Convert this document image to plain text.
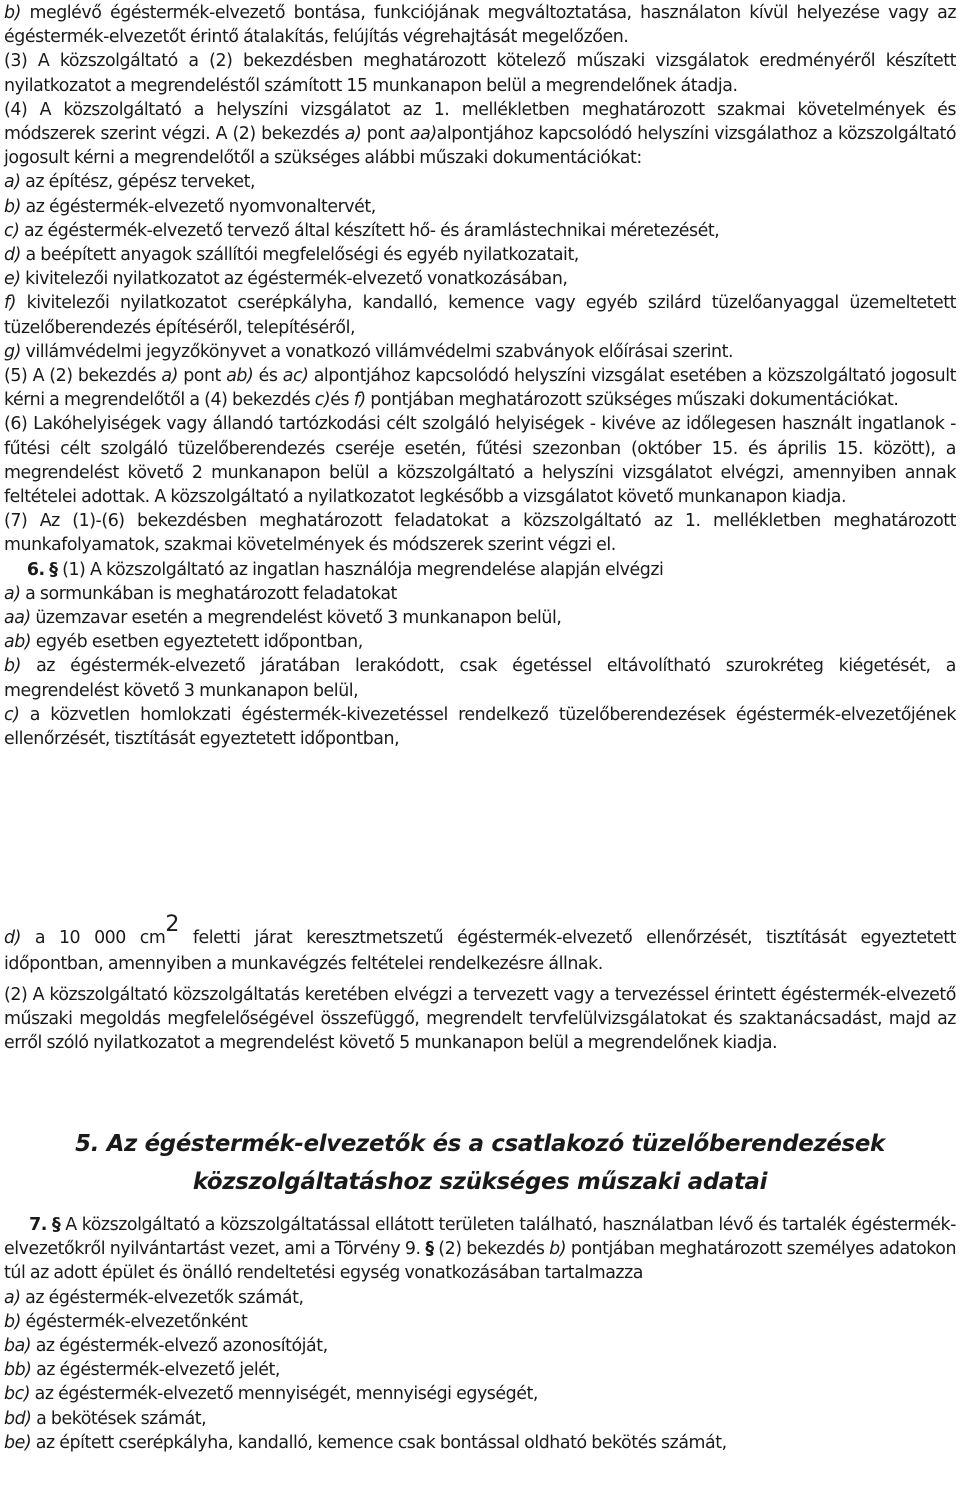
b) meglévő égéstermék-elvezető bontása, funkciójának megváltoztatása, használaton kívül helyezése vagy az égéstermék-elvezetőt érintő átalakítás, felújítás végrehajtását megelőzően.

(3) A közszolgáltató a (2) bekezdésben meghatározott kötelező műszaki vizsgálatok eredményéről készített nyilatkozatot a megrendeléstől számított 15 munkanapon belül a megrendelőnek átadja.

(4) A közszolgáltató a helyszíni vizsgálatot az 1. mellékletben meghatározott szakmai követelmények és módszerek szerint végzi. A (2) bekezdés a) pont aa)alpontjához kapcsolódó helyszíni vizsgálathoz a közszolgáltató jogosult kérni a megrendelőtől a szükséges alábbi műszaki dokumentációkat:

a) az építész, gépész terveket,

b) az égéstermék-elvezető nyomvonaltervét,

c) az égéstermék-elvezető tervező által készített hő- és áramlástechnikai méretezését,

d) a beépített anyagok szállítói megfelelőségi és egyéb nyilatkozatait,

e) kivitelezői nyilatkozatot az égéstermék-elvezető vonatkozásában,

f) kivitelezői nyilatkozatot cserépkályha, kandalló, kemence vagy egyéb szilárd tüzelőanyaggal üzemeltetett tüzelőberendezés építéséről, telepítéséről,

g) villámvédelmi jegyzőkönyvet a vonatkozó villámvédelmi szabványok előírásai szerint.

(5) A (2) bekezdés a) pont ab) és ac) alpontjához kapcsolódó helyszíni vizsgálat esetében a közszolgáltató jogosult kérni a megrendelőtől a (4) bekezdés c)és f) pontjában meghatározott szükséges műszaki dokumentációkat.

(6) Lakóhelyiségek vagy állandó tartózkodási célt szolgáló helyiségek - kivéve az időlegesen használt ingatlanok - fűtési célt szolgáló tüzelőberendezés cseréje esetén, fűtési szezonban (október 15. és április 15. között), a megrendelést követő 2 munkanapon belül a közszolgáltató a helyszíni vizsgálatot elvégzi, amennyiben annak feltételei adottak. A közszolgáltató a nyilatkozatot legkésőbb a vizsgálatot követő munkanapon kiadja.

(7) Az (1)-(6) bekezdésben meghatározott feladatokat a közszolgáltató az 1. mellékletben meghatározott munkafolyamatok, szakmai követelmények és módszerek szerint végzi el.

6. § (1) A közszolgáltató az ingatlan használója megrendelése alapján elvégzi

a) a sormunkában is meghatározott feladatokat

aa) üzemzavar esetén a megrendelést követő 3 munkanapon belül,

ab) egyéb esetben egyeztetett időpontban,

b) az égéstermék-elvezető járatában lerakódott, csak égetéssel eltávolítható szurokréteg kiégetését, a megrendelést követő 3 munkanapon belül,

c) a közvetlen homlokzati égéstermék-kivezetéssel rendelkező tüzelőberendezések égéstermék-elvezetőjének ellenőrzését, tisztítását egyeztetett időpontban,

d) a 10 000 $cm^2$ feletti járat keresztmetszetű égéstermék-elvezető ellenőrzését, tisztítását egyeztetett időpontban, amennyiben a munkavégzés feltételei rendelkezésre állnak.

(2) A közszolgáltató közszolgáltatás keretében elvégzi a tervezett vagy a tervezéssel érintett égéstermék-elvezető műszaki megoldás megfelelőségével összefüggő, megrendelt tervfelülvizsgálatokat és szaktanácsadást, majd az erről szóló nyilatkozatot a megrendelést követő 5 munkanapon belül a megrendelőnek kiadja.

5. Az égéstermék-elvezetők és a csatlakozó tüzelőberendezések
közszolgáltatáshoz szükséges műszaki adatai

7. § A közszolgáltató a közszolgáltatással ellátott területen található, használatban lévő és tartalék égéstermék-elvezetőkről nyilvántartást vezet, ami a Törvény 9. § (2) bekezdés b) pontjában meghatározott személyes adatokon túl az adott épület és önálló rendeltetési egység vonatkozásában tartalmazza

a) az égéstermék-elvezetők számát,

b) égéstermék-elvezetőnként

ba) az égéstermék-elvező azonosítóját,

bb) az égéstermék-elvezető jelét,

bc) az égéstermék-elvezető mennyiségét, mennyiségi egységét,

bd) a bekötések számát,

be) az épített cserépkályha, kandalló, kemence csak bontással oldható bekötés számát,
